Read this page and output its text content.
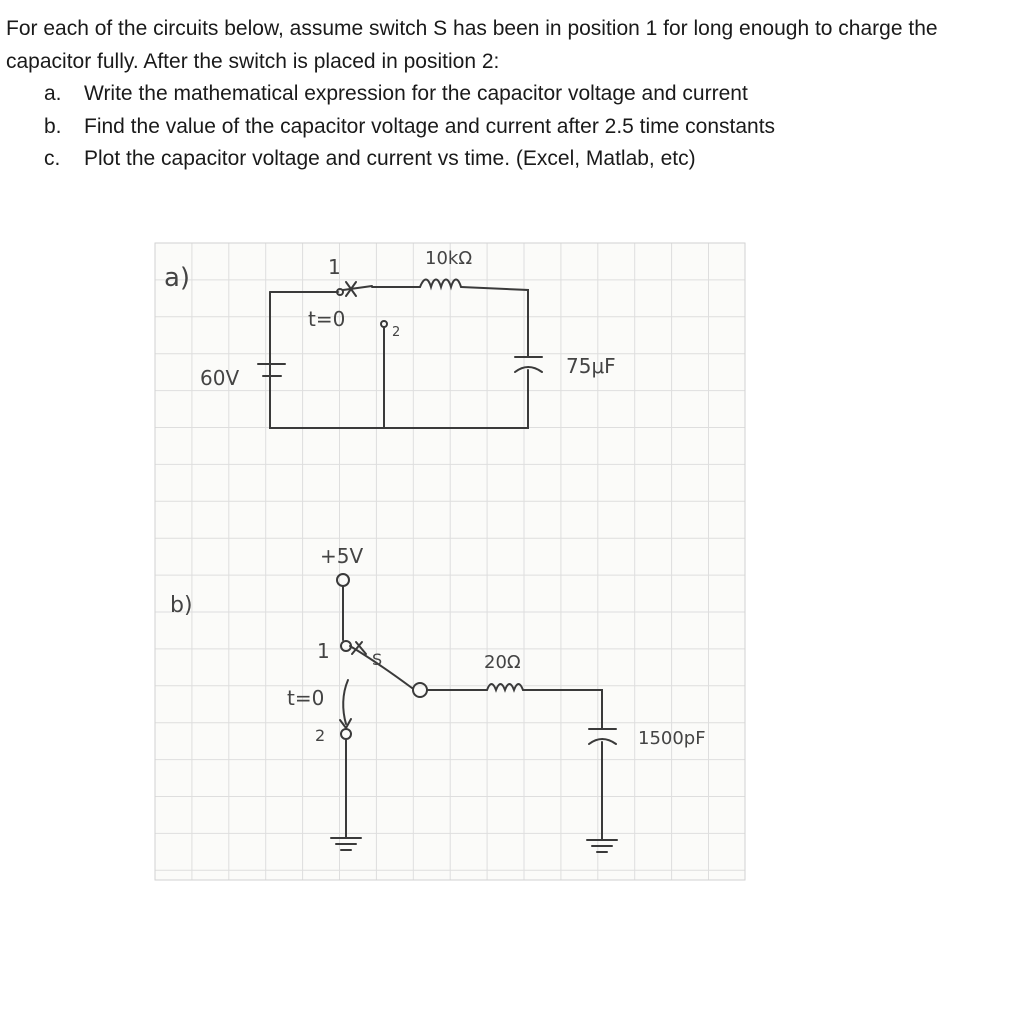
For each of the circuits below, assume switch S has been in position 1 for long enough to charge the capacitor fully. After the switch is placed in position 2:

a. Write the mathematical expression for the capacitor voltage and current
b. Find the value of the capacitor voltage and current after 2.5 time constants
c. Plot the capacitor voltage and current vs time. (Excel, Matlab, etc)
a)	1
2
t=0
10kΩ
60V	75μF
b)
+5V
1	S
t=0
2
20Ω
1500pF
